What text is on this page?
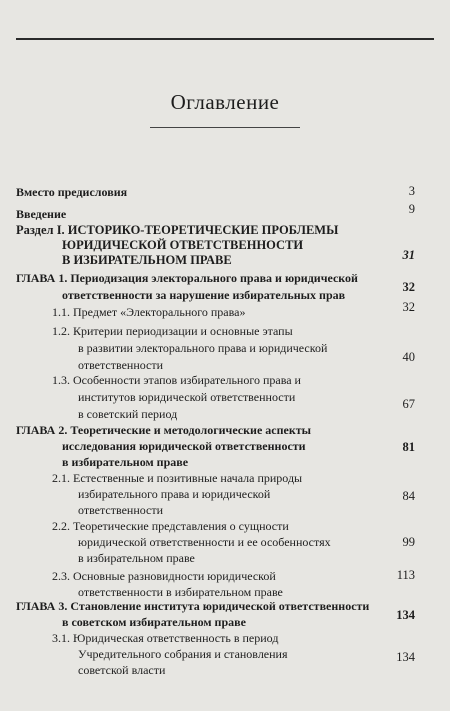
Оглавление
Вместо предисловия	3
Введение	9
Раздел I. ИСТОРИКО-ТЕОРЕТИЧЕСКИЕ ПРОБЛЕМЫ
ЮРИДИЧЕСКОЙ ОТВЕТСТВЕННОСТИ
В ИЗБИРАТЕЛЬНОМ ПРАВЕ	31
ГЛАВА 1. Периодизация электорального права и юридической
ответственности за нарушение избирательных прав
32
1.1. Предмет «Электорального права»	32
1.2. Критерии периодизации и основные этапы
в развитии электорального права и юридической
ответственности
40
1.3. Особенности этапов избирательного права и
институтов юридической ответственности
в советский период
67
ГЛАВА 2. Теоретические и методологические аспекты
исследования юридической ответственности
в избирательном праве
81
2.1. Естественные и позитивные начала природы
избирательного права и юридической
ответственности
84
2.2. Теоретические представления о сущности
юридической ответственности и ее особенностях
в избирательном праве
99
2.3. Основные разновидности юридической
ответственности в избирательном праве
113
ГЛАВА 3. Становление института юридической ответственности
в советском избирательном праве	134
3.1. Юридическая ответственность в период
Учредительного собрания и становления
советской власти
134
